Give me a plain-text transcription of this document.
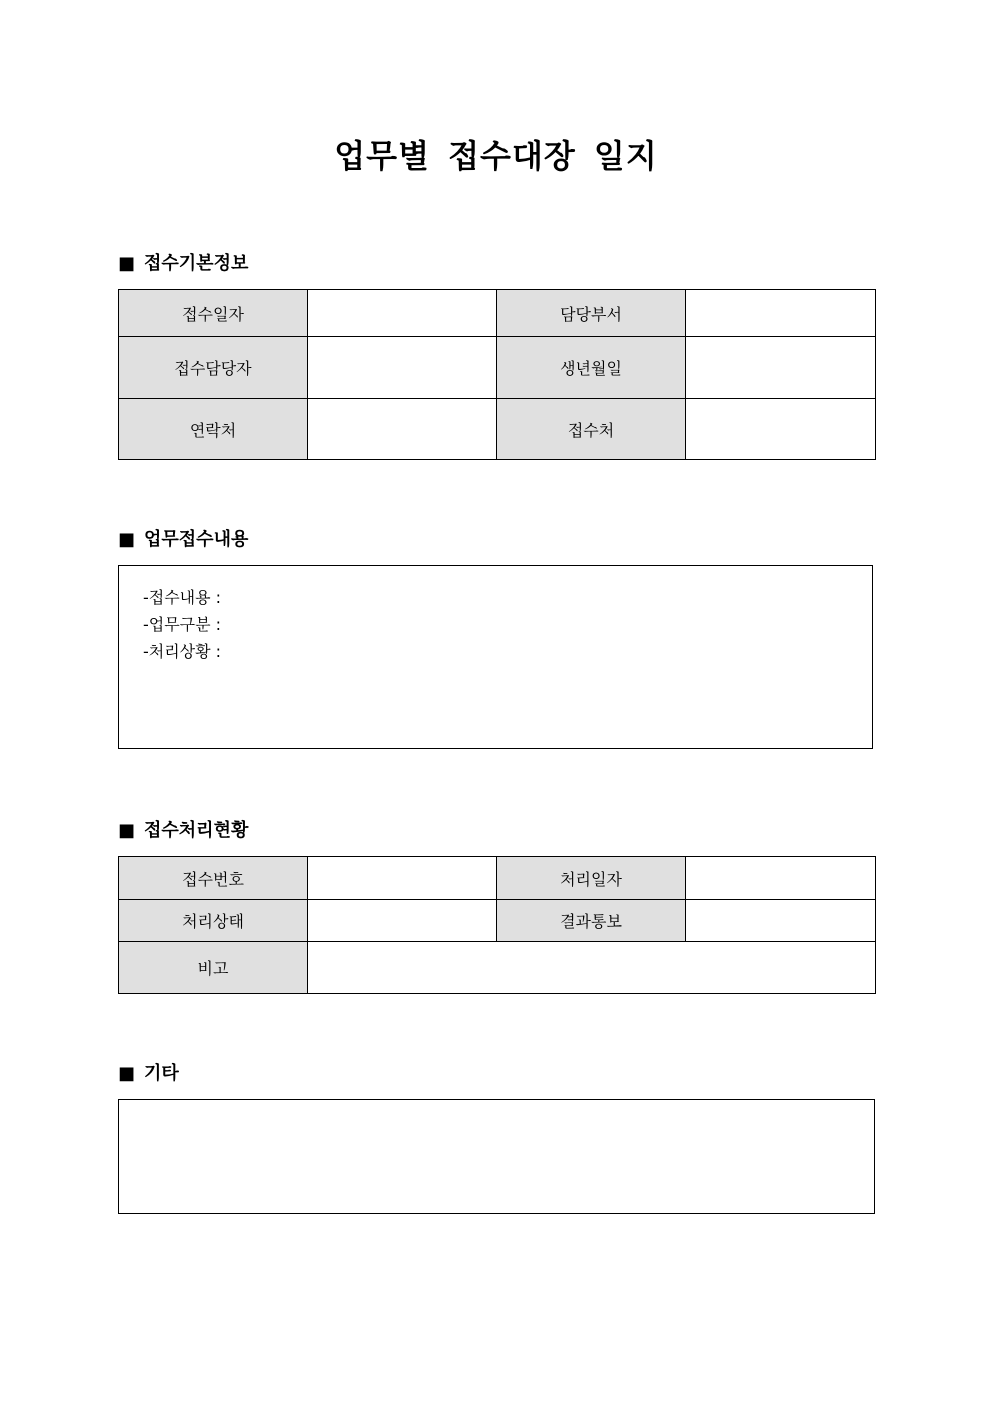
업무별 접수대장 일지
■ 접수기본정보
접수일자		담당부서	
접수담당자		생년월일	
연락처		접수처	
■ 업무접수내용
-접수내용 :
-업무구분 :
-처리상황 :
■ 접수처리현황
접수번호		처리일자	
처리상태		결과통보	
비고			
■ 기타
